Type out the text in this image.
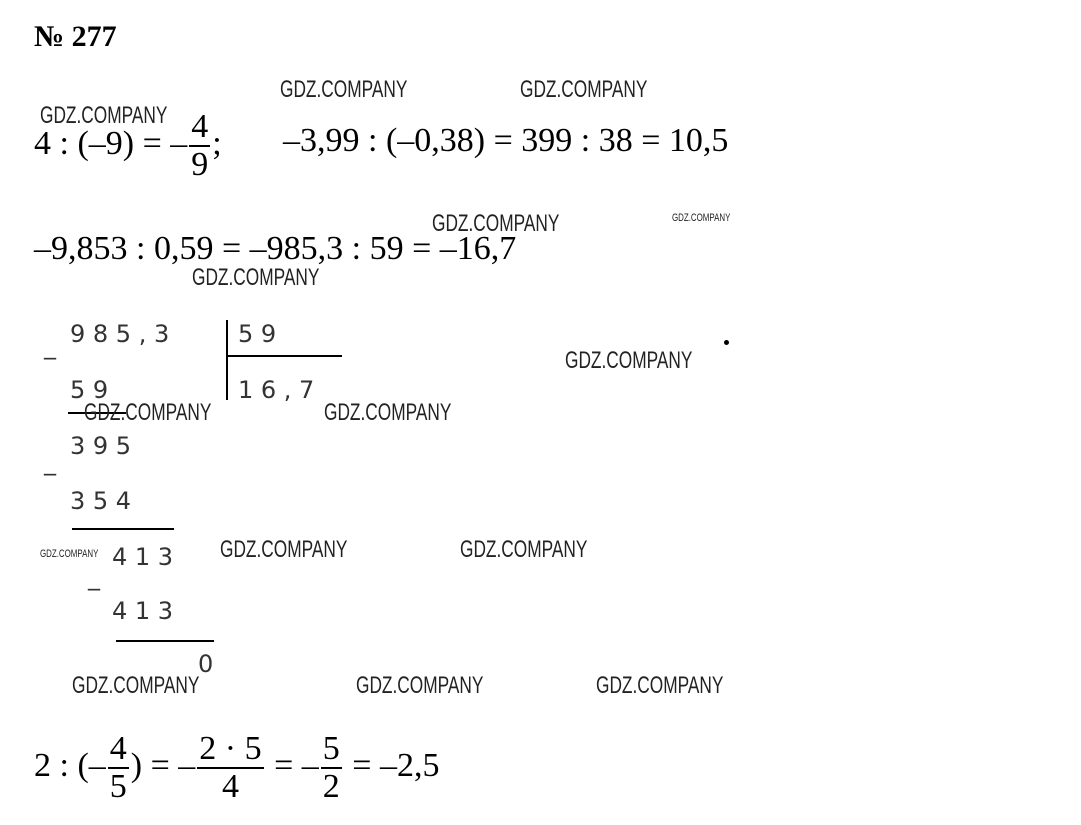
№ 277
4 : (–9) = – $\frac{4}{9}$ ; –3,99 : (–0,38) = 399 : 38 = 10,5
–9,853 : 0,59 = –985,3 : 59 = –16,7
_ 9 8 5 , 3	5 9
1 6 , 7
5 9
_
3 9 5
3 5 4
_
4 1 3
4 1 3
0
2 : (– $\frac{4}{5}$ ) = – $\frac{2 \cdot 5}{4}$ = – $\frac{5}{2} = -2,5$
GDZ.COMPANY	GDZ.COMPANY
GDZ.COMPANY
GDZ.COMPANY	GDZ.COMPANY
GDZ.COMPANY
GDZ.COMPANY
GDZ.COMPANY	GDZ.COMPANY
GDZ.COMPANY	GDZ.COMPANY	GDZ.COMPANY
GDZ.COMPANY	GDZ.COMPANY	GDZ.COMPANY
